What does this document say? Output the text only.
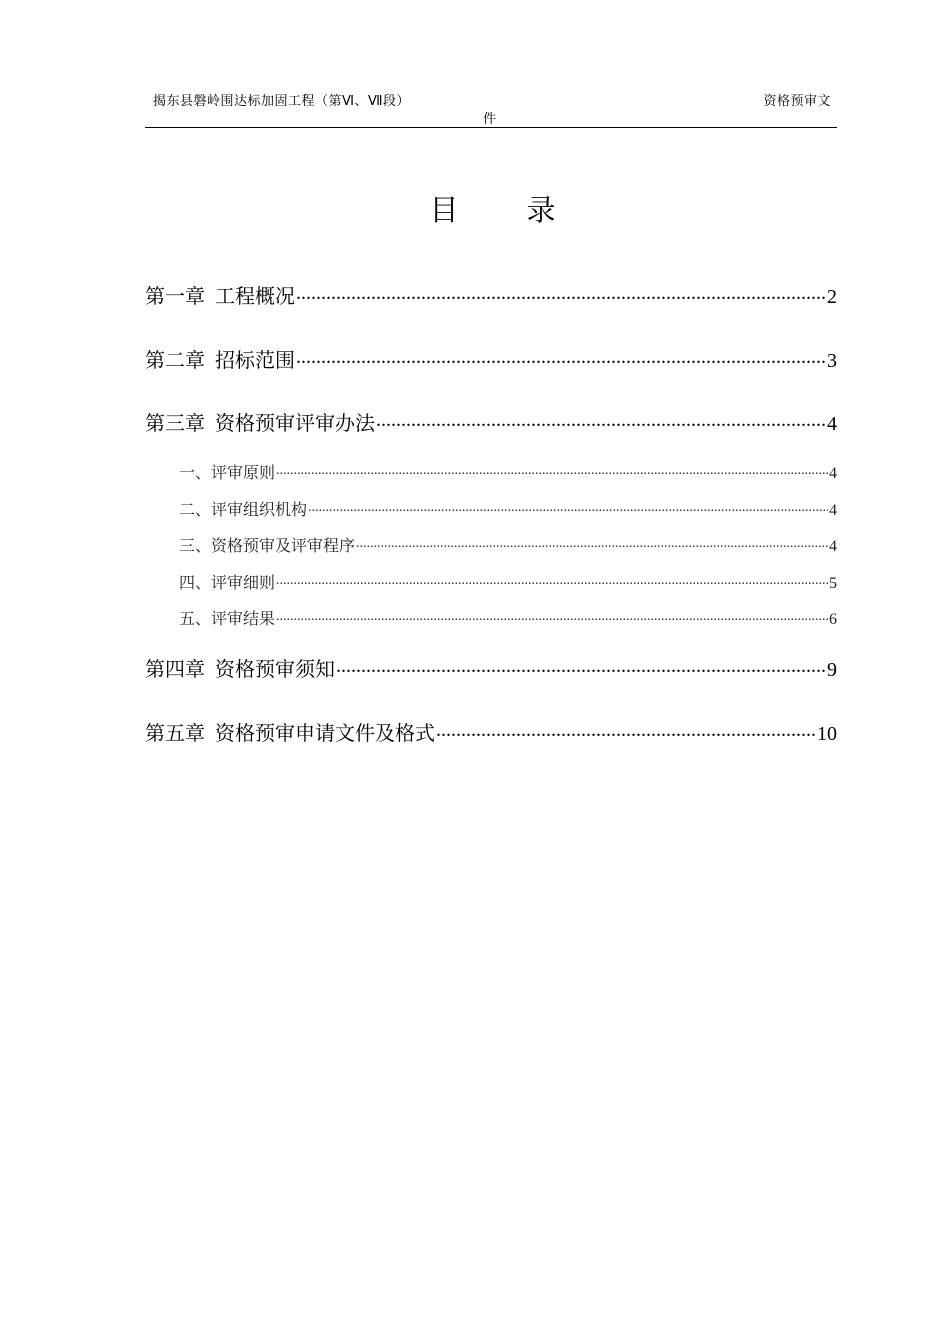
揭东县磐岭围达标加固工程（第Ⅵ、Ⅶ段）	资格预审文
件
目 录
第一章 工程概况 .....	2
第二章 招标范围 .....	3
第三章 资格预审评审办法 .....	4
一、评审原则 .....	4
二、评审组织机构 .....	4
三、资格预审及评审程序 .....	4
四、评审细则 .....	5
五、评审结果 .....	6
第四章 资格预审须知 .....	9
第五章 资格预审申请文件及格式 .....	10
